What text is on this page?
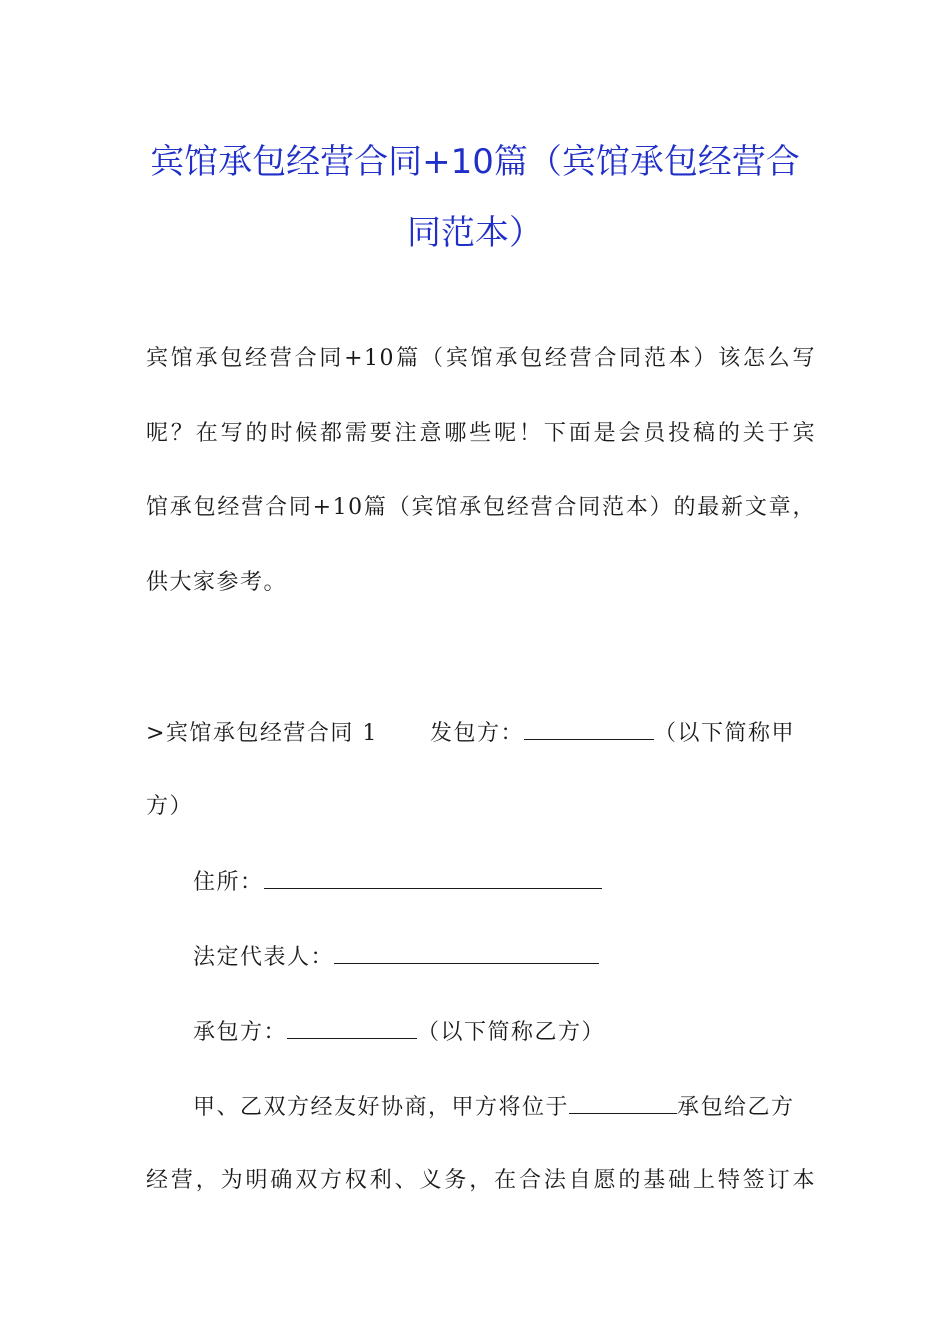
宾馆承包经营合同+10篇（宾馆承包经营合
同范本）
宾馆承包经营合同+10篇（宾馆承包经营合同范本）该怎么写
呢？在写的时候都需要注意哪些呢！下面是会员投稿的关于宾
馆承包经营合同+10篇（宾馆承包经营合同范本）的最新文章，
供大家参考。
>宾馆承包经营合同 1 发包方：	（以下简称甲
方）
住所：
法定代表人：
承包方：	（以下简称乙方）
甲、乙双方经友好协商，甲方将位于	承包给乙方
经营，为明确双方权利、义务，在合法自愿的基础上特签订本
